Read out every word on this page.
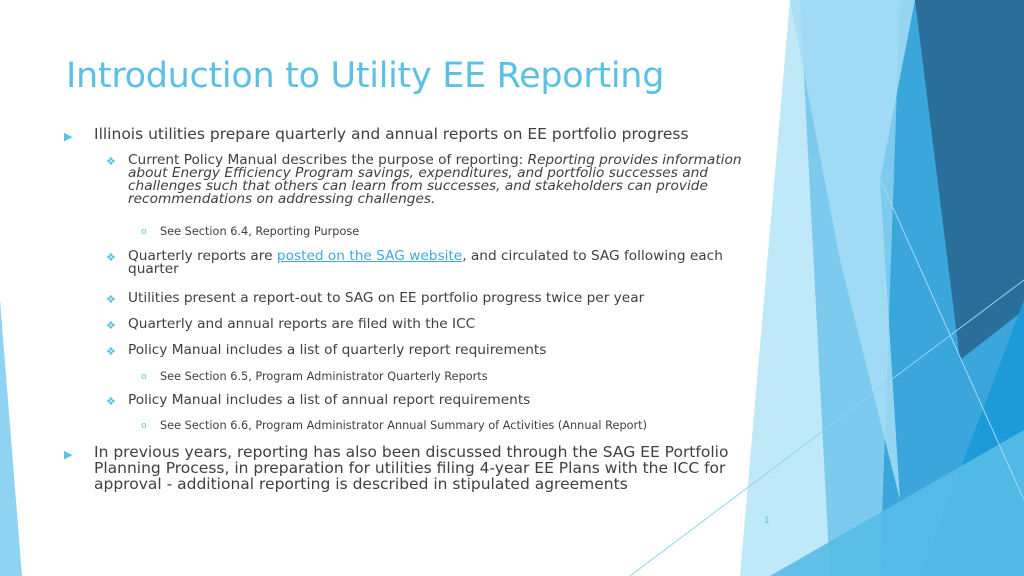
Introduction to Utility EE Reporting
▶ Illinois utilities prepare quarterly and annual reports on EE portfolio progress
❖ Current Policy Manual describes the purpose of reporting: Reporting provides information about Energy Efficiency Program savings, expenditures, and portfolio successes and challenges such that others can learn from successes, and stakeholders can provide recommendations on addressing challenges.
o See Section 6.4, Reporting Purpose
❖ Quarterly reports are posted on the SAG website, and circulated to SAG following each quarter
❖ Utilities present a report-out to SAG on EE portfolio progress twice per year
❖ Quarterly and annual reports are filed with the ICC
❖ Policy Manual includes a list of quarterly report requirements
o See Section 6.5, Program Administrator Quarterly Reports
❖ Policy Manual includes a list of annual report requirements
o See Section 6.6, Program Administrator Annual Summary of Activities (Annual Report)
▶ In previous years, reporting has also been discussed through the SAG EE Portfolio Planning Process, in preparation for utilities filing 4-year EE Plans with the ICC for approval - additional reporting is described in stipulated agreements
1
